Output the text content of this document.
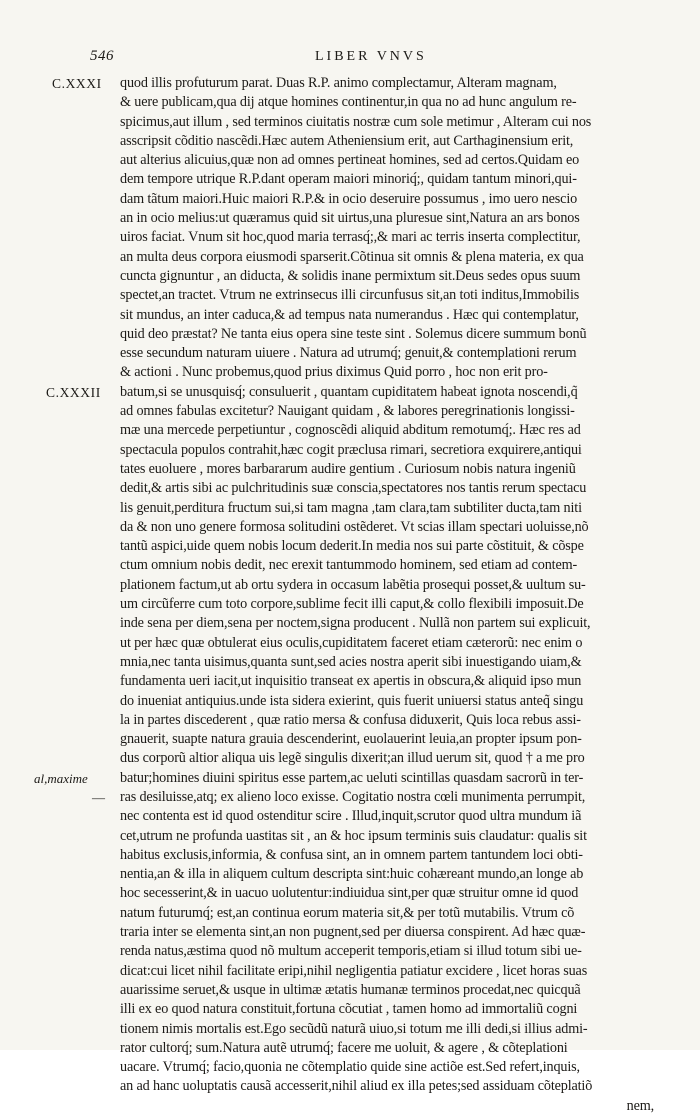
546	LIBER VNVS
C.XXXI
C.XXXII
al,maxime
—
quod illis profuturum parat. Duas R.P. animo complectamur, Alteram magnam,
& uere publicam,qua dij atque homines continentur,in qua no ad hunc angulum re-
spicimus,aut illum , sed terminos ciuitatis nostræ cum sole metimur , Alteram cui nos
asscripsit cõditio nascẽdi.Hæc autem Atheniensium erit, aut Carthaginensium erit,
aut alterius alicuius,quæ non ad omnes pertineat homines, sed ad certos.Quidam eo
dem tempore utrique R.P.dant operam maiori minoriq́;, quidam tantum minori,qui-
dam tãtum maiori.Huic maiori R.P.& in ocio deseruire possumus , imo uero nescio
an in ocio melius:ut quæramus quid sit uirtus,una pluresue sint,Natura an ars bonos
uiros faciat. Vnum sit hoc,quod maria terrasq́;,& mari ac terris inserta complectitur,
an multa deus corpora eiusmodi sparserit.Cõtinua sit omnis & plena materia, ex qua
cuncta gignuntur , an diducta, & solidis inane permixtum sit.Deus sedes opus suum
spectet,an tractet. Vtrum ne extrinsecus illi circunfusus sit,an toti inditus,Immobilis
sit mundus, an inter caduca,& ad tempus nata numerandus . Hæc qui contemplatur,
quid deo præstat? Ne tanta eius opera sine teste sint . Solemus dicere summum bonũ
esse secundum naturam uiuere . Natura ad utrumq́; genuit,& contemplationi rerum
& actioni . Nunc probemus,quod prius diximus Quid porro , hoc non erit pro-
batum,si se unusquisq́; consuluerit , quantam cupiditatem habeat ignota noscendi,q̃
ad omnes fabulas excitetur? Nauigant quidam , & labores peregrinationis longissi-
mæ una mercede perpetiuntur , cognoscẽdi aliquid abditum remotumq́;. Hæc res ad
spectacula populos contrahit,hæc cogit præclusa rimari, secretiora exquirere,antiqui
tates euoluere , mores barbararum audire gentium . Curiosum nobis natura ingeniũ
dedit,& artis sibi ac pulchritudinis suæ conscia,spectatores nos tantis rerum spectacu
lis genuit,perditura fructum sui,si tam magna ,tam clara,tam subtiliter ducta,tam niti
da & non uno genere formosa solitudini ostẽderet. Vt scias illam spectari uoluisse,nõ
tantũ aspici,uide quem nobis locum dederit.In media nos sui parte cõstituit, & cõspe
ctum omnium nobis dedit, nec erexit tantummodo hominem, sed etiam ad contem-
plationem factum,ut ab ortu sydera in occasum labẽtia prosequi posset,& uultum su-
um circũferre cum toto corpore,sublime fecit illi caput,& collo flexibili imposuit.De
inde sena per diem,sena per noctem,signa producent . Nullã non partem sui explicuit,
ut per hæc quæ obtulerat eius oculis,cupiditatem faceret etiam cæterorũ: nec enim o
mnia,nec tanta uisimus,quanta sunt,sed acies nostra aperit sibi inuestigando uiam,&
fundamenta ueri iacit,ut inquisitio transeat ex apertis in obscura,& aliquid ipso mun
do inueniat antiquius.unde ista sidera exierint, quis fuerit uniuersi status anteq̃ singu
la in partes discederent , quæ ratio mersa & confusa diduxerit, Quis loca rebus assi-
gnauerit, suapte natura grauia descenderint, euolauerint leuia,an propter ipsum pon-
dus corporũ altior aliqua uis legẽ singulis dixerit;an illud uerum sit, quod † a me pro
batur;homines diuini spiritus esse partem,ac ueluti scintillas quasdam sacrorũ in ter-
ras desiluisse,atq; ex alieno loco exisse. Cogitatio nostra cœli munimenta perrumpit,
nec contenta est id quod ostenditur scire . Illud,inquit,scrutor quod ultra mundum iã
cet,utrum ne profunda uastitas sit , an & hoc ipsum terminis suis claudatur: qualis sit
habitus exclusis,informia, & confusa sint, an in omnem partem tantundem loci obti-
nentia,an & illa in aliquem cultum descripta sint:huic cohæreant mundo,an longe ab
hoc secesserint,& in uacuo uolutentur:indiuidua sint,per quæ struitur omne id quod
natum futurumq́; est,an continua eorum materia sit,& per totũ mutabilis. Vtrum cõ
traria inter se elementa sint,an non pugnent,sed per diuersa conspirent. Ad hæc quæ-
renda natus,æstima quod nõ multum acceperit temporis,etiam si illud totum sibi ue-
dicat:cui licet nihil facilitate eripi,nihil negligentia patiatur excidere , licet horas suas
auarissime seruet,& usque in ultimæ ætatis humanæ terminos procedat,nec quicquã
illi ex eo quod natura constituit,fortuna cõcutiat , tamen homo ad immortaliũ cogni
tionem nimis mortalis est.Ego secũdũ naturã uiuo,si totum me illi dedi,si illius admi-
rator cultorq́; sum.Natura autẽ utrumq́; facere me uoluit, & agere , & cõteplationi
uacare. Vtrumq́; facio,quonia ne cõtemplatio quide sine actiõe est.Sed refert,inquis,
an ad hanc uoluptatis causã accesserit,nihil aliud ex illa petes;sed assiduam cõteplatiõ
nem,
